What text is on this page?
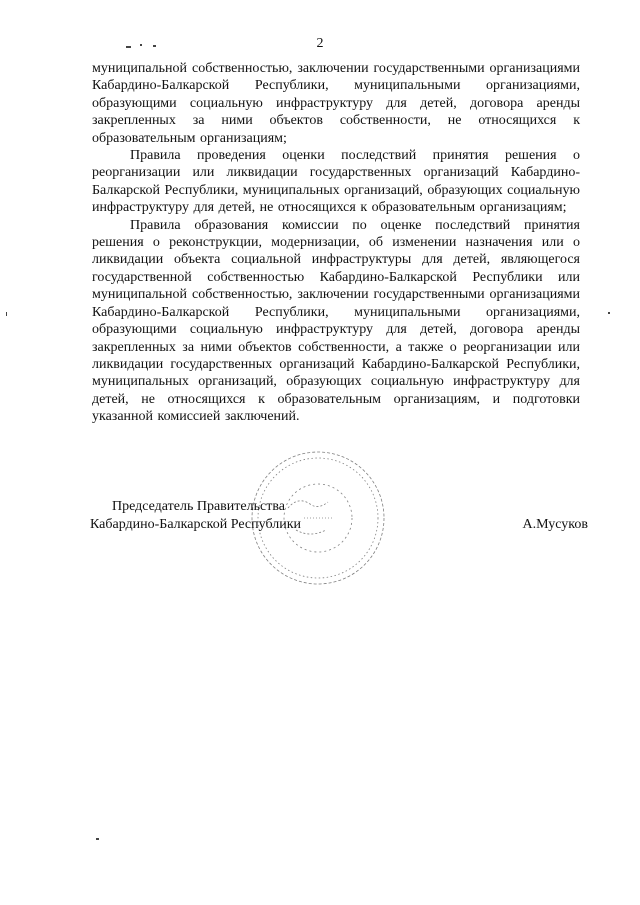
2

муниципальной собственностью, заключении государственными организациями Кабардино-Балкарской Республики, муниципальными организациями, образующими социальную инфраструктуру для детей, договора аренды закрепленных за ними объектов собственности, не относящихся к образовательным организациям;

Правила проведения оценки последствий принятия решения о реорганизации или ликвидации государственных организаций Кабардино-Балкарской Республики, муниципальных организаций, образующих социальную инфраструктуру для детей, не относящихся к образовательным организациям;

Правила образования комиссии по оценке последствий принятия решения о реконструкции, модернизации, об изменении назначения или о ликвидации объекта социальной инфраструктуры для детей, являющегося государственной собственностью Кабардино-Балкарской Республики или муниципальной собственностью, заключении государственными организациями Кабардино-Балкарской Республики, муниципальными организациями, образующими социальную инфраструктуру для детей, договора аренды закрепленных за ними объектов собственности, а также о реорганизации или ликвидации государственных организаций Кабардино-Балкарской Республики, муниципальных организаций, образующих социальную инфраструктуру для детей, не относящихся к образовательным организациям, и подготовки указанной комиссией заключений.

Председатель Правительства
Кабардино-Балкарской Республики	А.Мусуков
